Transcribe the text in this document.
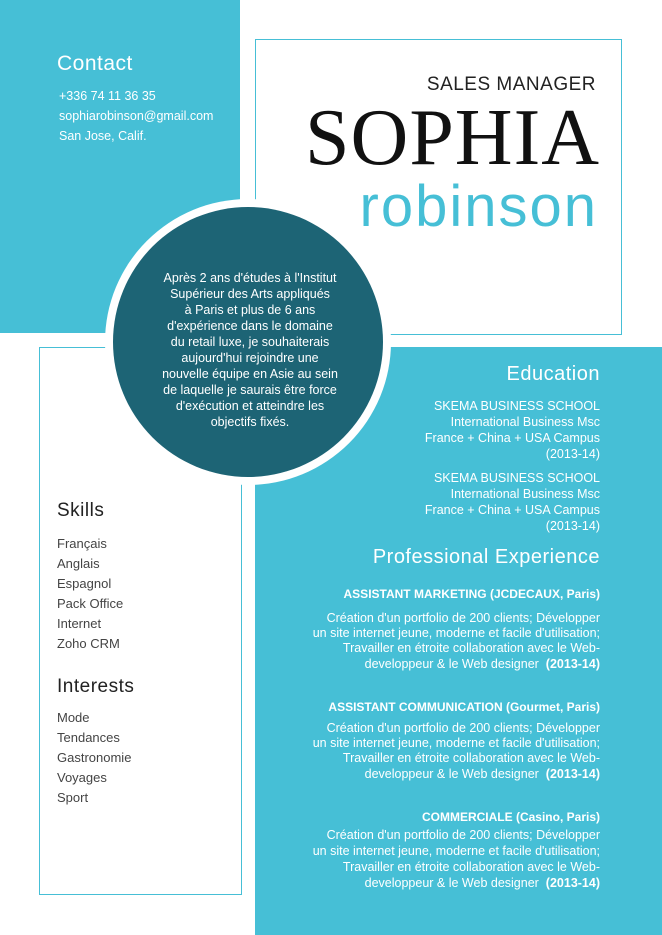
Contact
+336 74 11 36 35
sophiarobinson@gmail.com
San Jose, Calif.
SALES MANAGER
SOPHIA
robinson
Skills
Français
Anglais
Espagnol
Pack Office
Internet
Zoho CRM
Interests
Mode
Tendances
Gastronomie
Voyages
Sport
Education
SKEMA BUSINESS SCHOOL
International Business Msc
France + China + USA Campus
(2013-14)
SKEMA BUSINESS SCHOOL
International Business Msc
France + China + USA Campus
(2013-14)
Professional Experience
ASSISTANT MARKETING (JCDECAUX, Paris)
Création d'un portfolio de 200 clients; Développer
un site internet jeune, moderne et facile d'utilisation;
Travailler en étroite collaboration avec le Web-
developpeur & le Web designer (2013-14)
ASSISTANT COMMUNICATION (Gourmet, Paris)
Création d'un portfolio de 200 clients; Développer
un site internet jeune, moderne et facile d'utilisation;
Travailler en étroite collaboration avec le Web-
developpeur & le Web designer (2013-14)
COMMERCIALE (Casino, Paris)
Création d'un portfolio de 200 clients; Développer
un site internet jeune, moderne et facile d'utilisation;
Travailler en étroite collaboration avec le Web-
developpeur & le Web designer (2013-14)
Après 2 ans d'études à l'Institut
Supérieur des Arts appliqués
à Paris et plus de 6 ans
d'expérience dans le domaine
du retail luxe, je souhaiterais
aujourd'hui rejoindre une
nouvelle équipe en Asie au sein
de laquelle je saurais être force
d'exécution et atteindre les
objectifs fixés.
